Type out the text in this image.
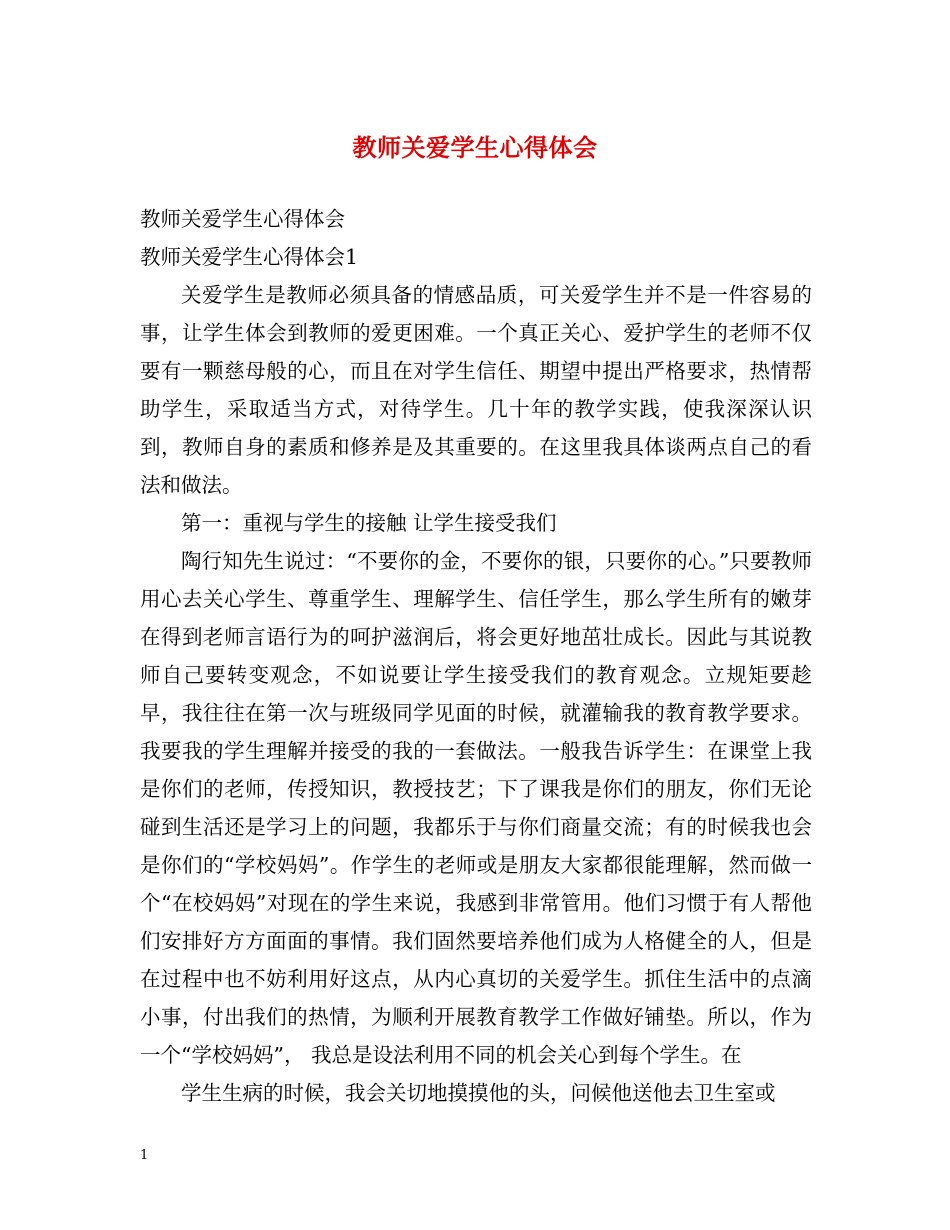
教师关爱学生心得体会

教师关爱学生心得体会

教师关爱学生心得体会1

关爱学生是教师必须具备的情感品质，可关爱学生并不是一件容易的事，让学生体会到教师的爱更困难。一个真正关心、爱护学生的老师不仅要有一颗慈母般的心，而且在对学生信任、期望中提出严格要求，热情帮助学生，采取适当方式，对待学生。几十年的教学实践，使我深深认识到，教师自身的素质和修养是及其重要的。在这里我具体谈两点自己的看法和做法。

第一：重视与学生的接触 让学生接受我们

陶行知先生说过：“不要你的金，不要你的银，只要你的心。”只要教师用心去关心学生、尊重学生、理解学生、信任学生，那么学生所有的嫩芽在得到老师言语行为的呵护滋润后，将会更好地茁壮成长。因此与其说教师自己要转变观念，不如说要让学生接受我们的教育观念。立规矩要趁早，我往往在第一次与班级同学见面的时候，就灌输我的教育教学要求。我要我的学生理解并接受的我的一套做法。一般我告诉学生：在课堂上我是你们的老师，传授知识，教授技艺；下了课我是你们的朋友，你们无论碰到生活还是学习上的问题，我都乐于与你们商量交流；有的时候我也会是你们的“学校妈妈”。作学生的老师或是朋友大家都很能理解，然而做一个“在校妈妈”对现在的学生来说，我感到非常管用。他们习惯于有人帮他们安排好方方面面的事情。我们固然要培养他们成为人格健全的人，但是在过程中也不妨利用好这点，从内心真切的关爱学生。抓住生活中的点滴小事，付出我们的热情，为顺利开展教育教学工作做好铺垫。所以，作为一个“学校妈妈”， 我总是设法利用不同的机会关心到每个学生。在

学生生病的时候，我会关切地摸摸他的头，问候他送他去卫生室或

1
